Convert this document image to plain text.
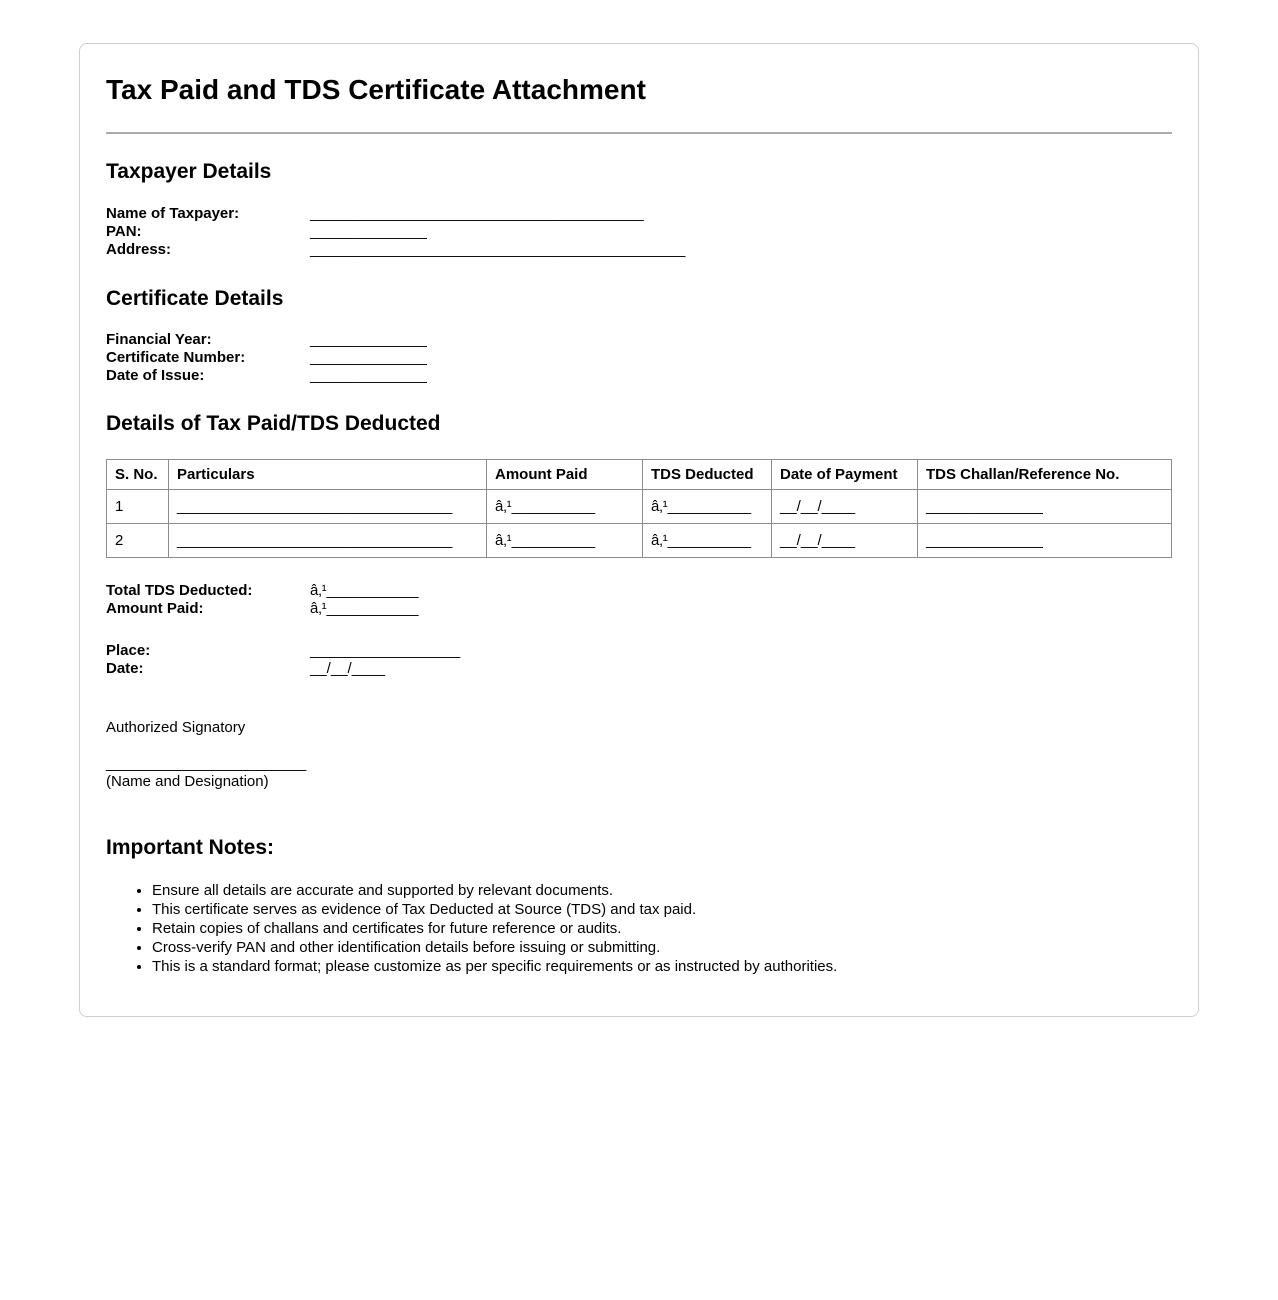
Tax Paid and TDS Certificate Attachment
Taxpayer Details
Name of Taxpayer:	________________________________________
PAN:	______________
Address:	_____________________________________________
Certificate Details
Financial Year:	______________
Certificate Number:	______________
Date of Issue:	______________
Details of Tax Paid/TDS Deducted
S. No.	Particulars	Amount Paid	TDS Deducted	Date of Payment	TDS Challan/Reference No.
1	_________________________________	â‚¹__________	â‚¹__________	__/__/____	______________
2	_________________________________	â‚¹__________	â‚¹__________	__/__/____	______________
Total TDS Deducted:	â‚¹___________
Amount Paid:	â‚¹___________
Place:	__________________
Date:	__/__/____
Authorized Signatory
________________________
(Name and Designation)
Important Notes:
• Ensure all details are accurate and supported by relevant documents.
• This certificate serves as evidence of Tax Deducted at Source (TDS) and tax paid.
• Retain copies of challans and certificates for future reference or audits.
• Cross-verify PAN and other identification details before issuing or submitting.
• This is a standard format; please customize as per specific requirements or as instructed by authorities.
